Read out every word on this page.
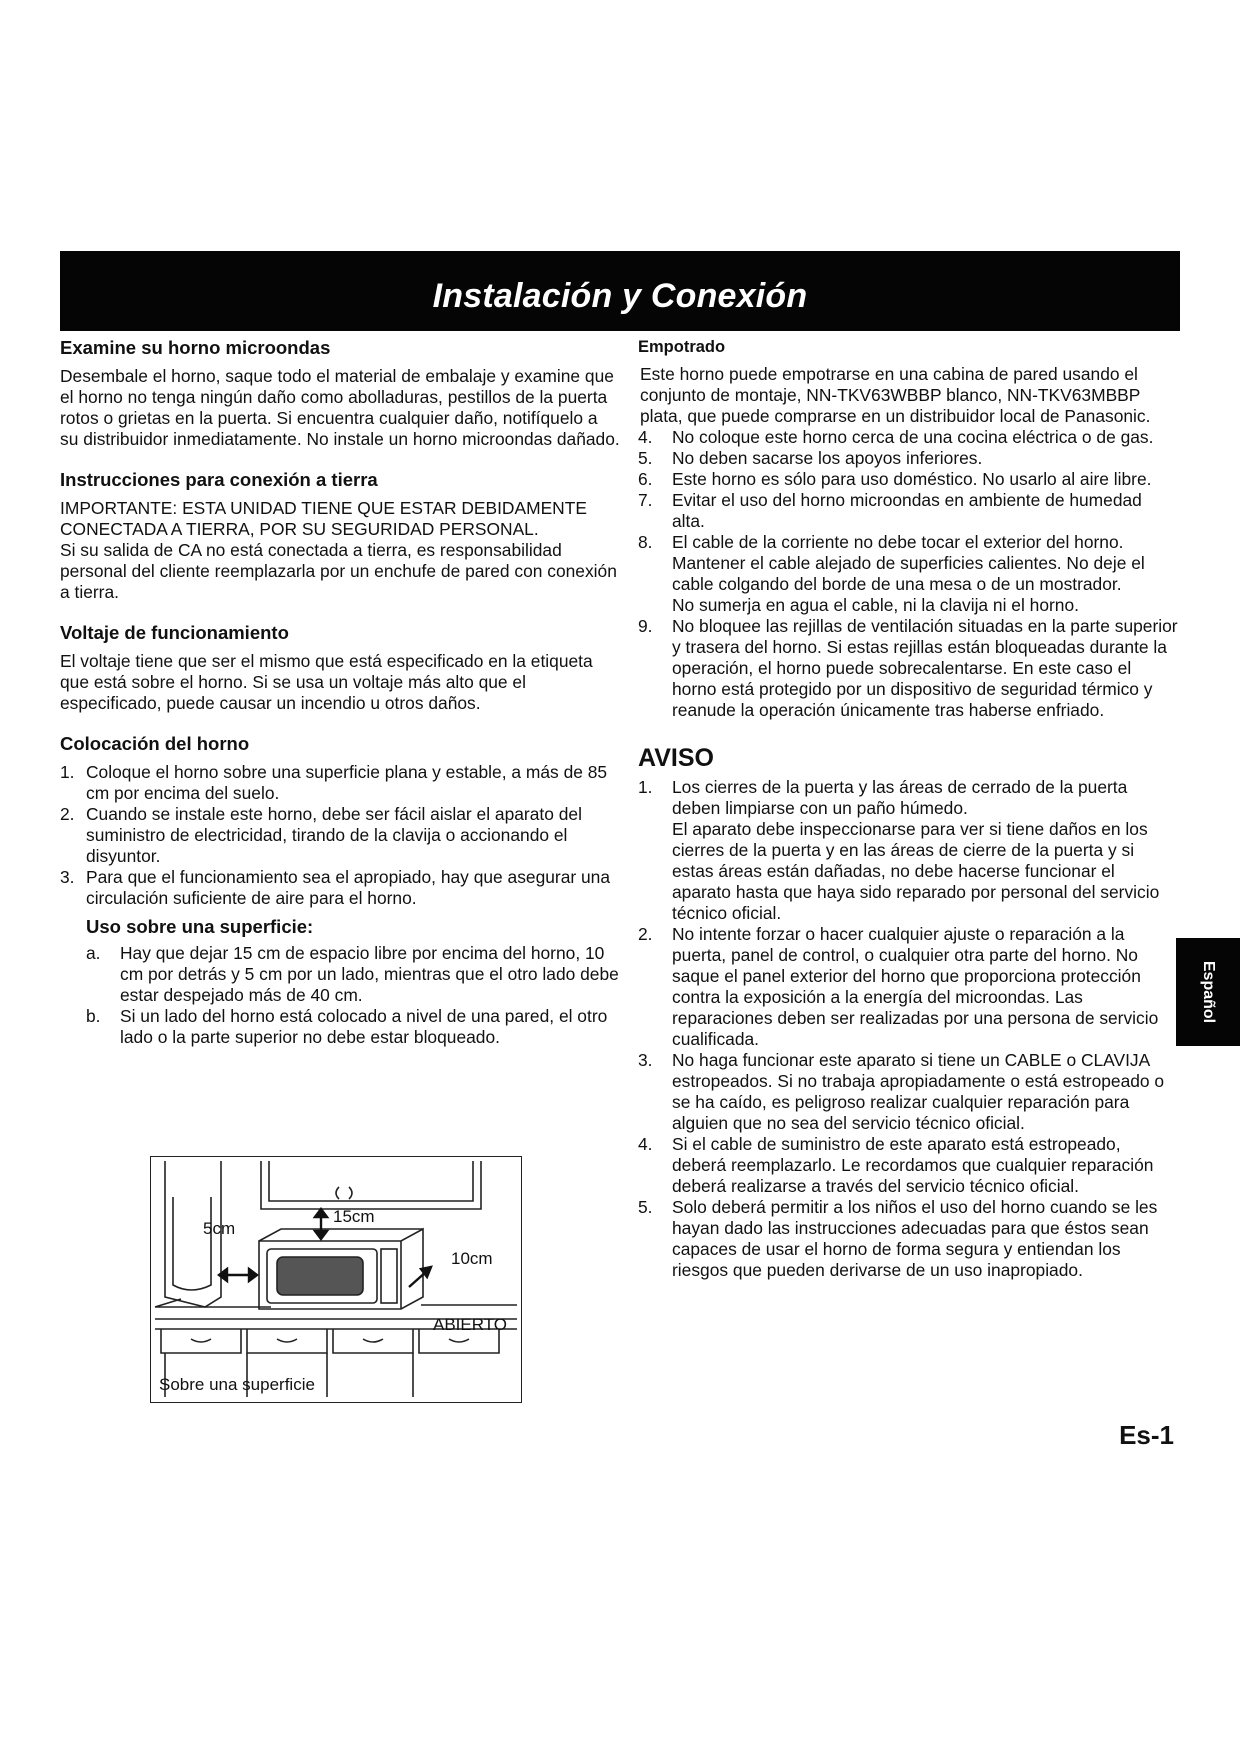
Instalación y Conexión
Examine su horno microondas

Desembale el horno, saque todo el material de embalaje y examine que el horno no tenga ningún daño como abolladuras, pestillos de la puerta rotos o grietas en la puerta. Si encuentra cualquier daño, notifíquelo a su distribuidor inmediatamente. No instale un horno microondas dañado.

Instrucciones para conexión a tierra

IMPORTANTE: ESTA UNIDAD TIENE QUE ESTAR DEBIDAMENTE CONECTADA A TIERRA, POR SU SEGURIDAD PERSONAL.

Si su salida de CA no está conectada a tierra, es responsabilidad personal del cliente reemplazarla por un enchufe de pared con conexión a tierra.

Voltaje de funcionamiento

El voltaje tiene que ser el mismo que está especificado en la etiqueta que está sobre el horno. Si se usa un voltaje más alto que el especificado, puede causar un incendio u otros daños.

Colocación del horno
1. Coloque el horno sobre una superficie plana y estable, a más de 85 cm por encima del suelo.
2. Cuando se instale este horno, debe ser fácil aislar el aparato del suministro de electricidad, tirando de la clavija o accionando el disyuntor.
3. Para que el funcionamiento sea el apropiado, hay que asegurar una circulación suficiente de aire para el horno.
Uso sobre una superficie:
a. Hay que dejar 15 cm de espacio libre por encima del horno, 10 cm por detrás y 5 cm por un lado, mientras que el otro lado debe estar despejado más de 40 cm.
b. Si un lado del horno está colocado a nivel de una pared, el otro lado o la parte superior no debe estar bloqueado.
5cm
15cm
10cm
ABIERTO
Sobre una superficie
Empotrado

Este horno puede empotrarse en una cabina de pared usando el conjunto de montaje, NN-TKV63WBBP blanco, NN-TKV63MBBP plata, que puede comprarse en un distribuidor local de Panasonic.

4. No coloque este horno cerca de una cocina eléctrica o de gas.
5. No deben sacarse los apoyos inferiores.
6. Este horno es sólo para uso doméstico. No usarlo al aire libre.
7. Evitar el uso del horno microondas en ambiente de humedad alta.
8. El cable de la corriente no debe tocar el exterior del horno. Mantener el cable alejado de superficies calientes. No deje el cable colgando del borde de una mesa o de un mostrador.
No sumerja en agua el cable, ni la clavija ni el horno.
9. No bloquee las rejillas de ventilación situadas en la parte superior y trasera del horno. Si estas rejillas están bloqueadas durante la operación, el horno puede sobrecalentarse. En este caso el horno está protegido por un dispositivo de seguridad térmico y reanude la operación únicamente tras haberse enfriado.
AVISO
1. Los cierres de la puerta y las áreas de cerrado de la puerta deben limpiarse con un paño húmedo.
El aparato debe inspeccionarse para ver si tiene daños en los cierres de la puerta y en las áreas de cierre de la puerta y si estas áreas están dañadas, no debe hacerse funcionar el aparato hasta que haya sido reparado por personal del servicio técnico oficial.
2. No intente forzar o hacer cualquier ajuste o reparación a la puerta, panel de control, o cualquier otra parte del horno. No saque el panel exterior del horno que proporciona protección contra la exposición a la energía del microondas. Las reparaciones deben ser realizadas por una persona de servicio cualificada.
3. No haga funcionar este aparato si tiene un CABLE o CLAVIJA estropeados. Si no trabaja apropiadamente o está estropeado o se ha caído, es peligroso realizar cualquier reparación para alguien que no sea del servicio técnico oficial.
4. Si el cable de suministro de este aparato está estropeado, deberá reemplazarlo. Le recordamos que cualquier reparación deberá realizarse a través del servicio técnico oficial.
5. Solo deberá permitir a los niños el uso del horno cuando se les hayan dado las instrucciones adecuadas para que éstos sean capaces de usar el horno de forma segura y entiendan los riesgos que pueden derivarse de un uso inapropiado.
Español
Es-1
